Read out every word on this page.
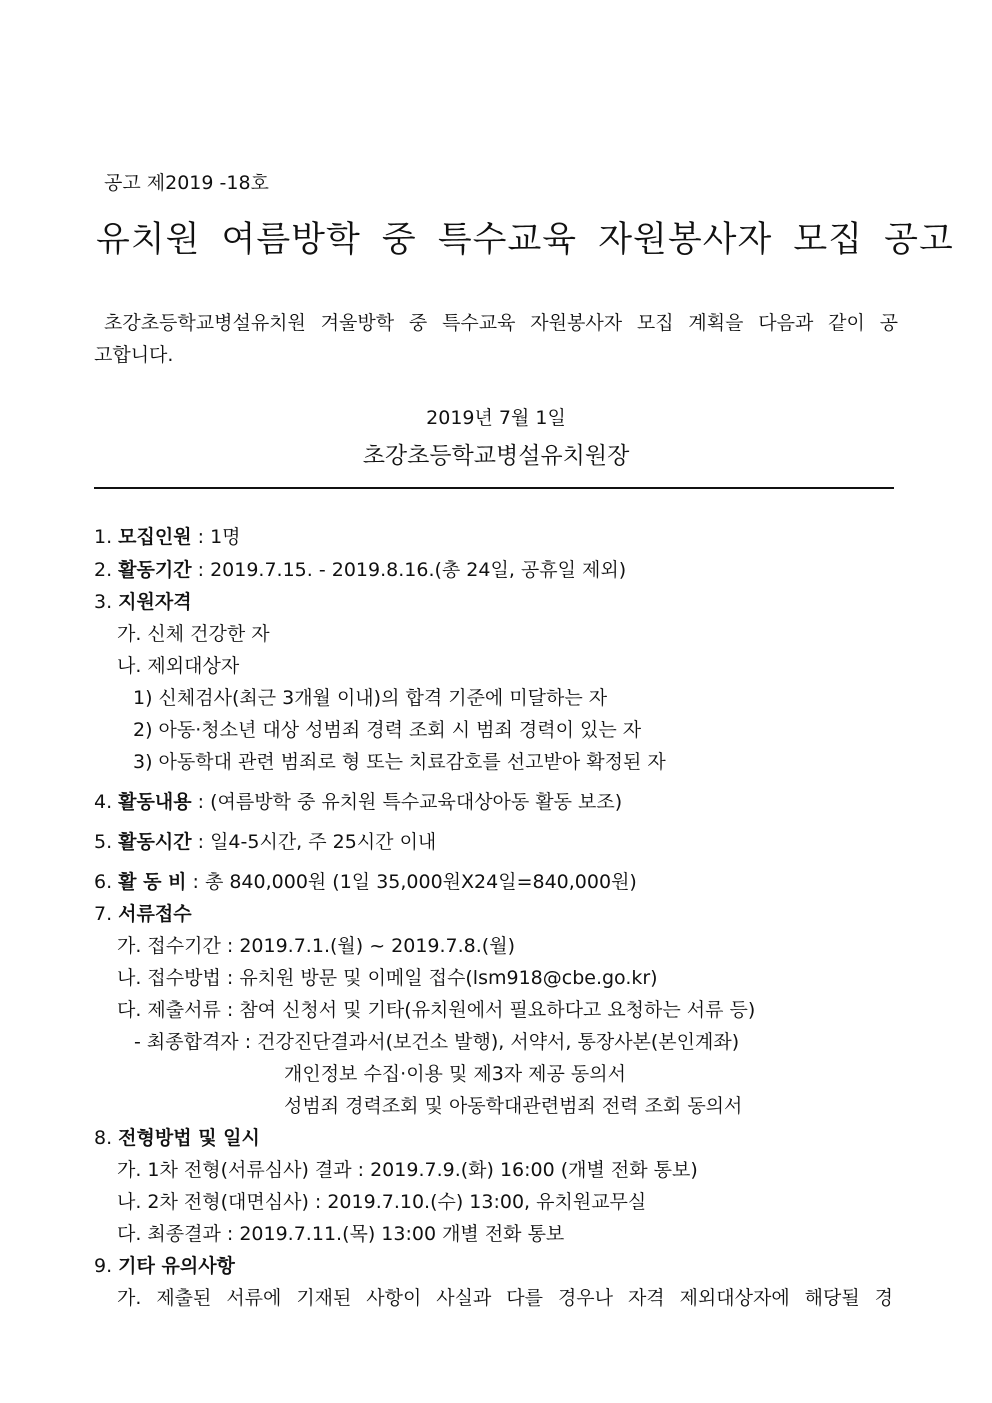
공고 제2019 -18호
유치원 여름방학 중 특수교육 자원봉사자 모집 공고
초강초등학교병설유치원 겨울방학 중 특수교육 자원봉사자 모집 계획을 다음과 같이 공
고합니다.
2019년 7월 1일
초강초등학교병설유치원장
1. 모집인원 : 1명
2. 활동기간 : 2019.7.15. - 2019.8.16.(총 24일, 공휴일 제외)
3. 지원자격
가. 신체 건강한 자
나. 제외대상자
1) 신체검사(최근 3개월 이내)의 합격 기준에 미달하는 자
2) 아동·청소년 대상 성범죄 경력 조회 시 범죄 경력이 있는 자
3) 아동학대 관련 범죄로 형 또는 치료감호를 선고받아 확정된 자
4. 활동내용 : (여름방학 중 유치원 특수교육대상아동 활동 보조)
5. 활동시간 : 일4-5시간, 주 25시간 이내
6. 활 동 비 : 총 840,000원 (1일 35,000원X24일=840,000원)
7. 서류접수
가. 접수기간 : 2019.7.1.(월) ~ 2019.7.8.(월)
나. 접수방법 : 유치원 방문 및 이메일 접수(lsm918@cbe.go.kr)
다. 제출서류 : 참여 신청서 및 기타(유치원에서 필요하다고 요청하는 서류 등)
- 최종합격자 : 건강진단결과서(보건소 발행), 서약서, 통장사본(본인계좌)
개인정보 수집·이용 및 제3자 제공 동의서
성범죄 경력조회 및 아동학대관련범죄 전력 조회 동의서
8. 전형방법 및 일시
가. 1차 전형(서류심사) 결과 : 2019.7.9.(화) 16:00 (개별 전화 통보)
나. 2차 전형(대면심사) : 2019.7.10.(수) 13:00, 유치원교무실
다. 최종결과 : 2019.7.11.(목) 13:00 개별 전화 통보
9. 기타 유의사항
가. 제출된 서류에 기재된 사항이 사실과 다를 경우나 자격 제외대상자에 해당될 경
